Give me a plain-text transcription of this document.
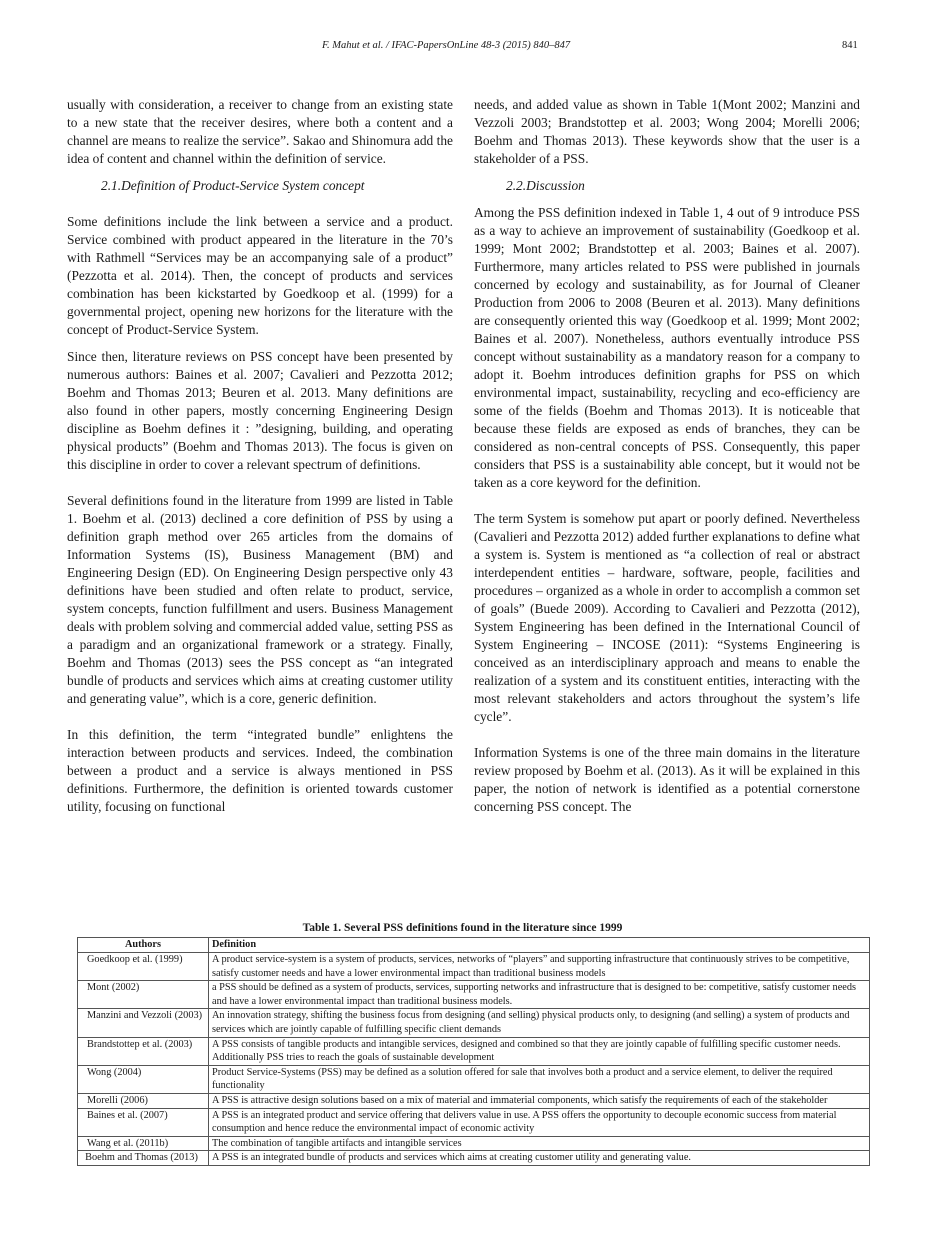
F. Mahut et al. / IFAC-PapersOnLine 48-3 (2015) 840–847	841

usually with consideration, a receiver to change from an existing state to a new state that the receiver desires, where both a content and a channel are means to realize the service”. Sakao and Shinomura add the idea of content and channel within the definition of service.

2.1.Definition of Product-Service System concept

Some definitions include the link between a service and a product. Service combined with product appeared in the literature in the 70’s with Rathmell “Services may be an accompanying sale of a product” (Pezzotta et al. 2014). Then, the concept of products and services combination has been kickstarted by Goedkoop et al. (1999) for a governmental project, opening new horizons for the literature with the concept of Product-Service System.

Since then, literature reviews on PSS concept have been presented by numerous authors: Baines et al. 2007; Cavalieri and Pezzotta 2012; Boehm and Thomas 2013; Beuren et al. 2013. Many definitions are also found in other papers, mostly concerning Engineering Design discipline as Boehm defines it : ”designing, building, and operating physical products” (Boehm and Thomas 2013). The focus is given on this discipline in order to cover a relevant spectrum of definitions.

Several definitions found in the literature from 1999 are listed in Table 1. Boehm et al. (2013) declined a core definition of PSS by using a definition graph method over 265 articles from the domains of Information Systems (IS), Business Management (BM) and Engineering Design (ED). On Engineering Design perspective only 43 definitions have been studied and often relate to product, service, system concepts, function fulfillment and users. Business Management deals with problem solving and commercial added value, setting PSS as a paradigm and an organizational framework or a strategy. Finally, Boehm and Thomas (2013) sees the PSS concept as “an integrated bundle of products and services which aims at creating customer utility and generating value”, which is a core, generic definition.

In this definition, the term “integrated bundle” enlightens the interaction between products and services. Indeed, the combination between a product and a service is always mentioned in PSS definitions. Furthermore, the definition is oriented towards customer utility, focusing on functional

needs, and added value as shown in Table 1(Mont 2002; Manzini and Vezzoli 2003; Brandstottep et al. 2003; Wong 2004; Morelli 2006; Boehm and Thomas 2013). These keywords show that the user is a stakeholder of a PSS.

2.2.Discussion

Among the PSS definition indexed in Table 1, 4 out of 9 introduce PSS as a way to achieve an improvement of sustainability (Goedkoop et al. 1999; Mont 2002; Brandstottep et al. 2003; Baines et al. 2007). Furthermore, many articles related to PSS were published in journals concerned by ecology and sustainability, as for Journal of Cleaner Production from 2006 to 2008 (Beuren et al. 2013). Many definitions are consequently oriented this way (Goedkoop et al. 1999; Mont 2002; Baines et al. 2007). Nonetheless, authors eventually introduce PSS concept without sustainability as a mandatory reason for a company to adopt it. Boehm introduces definition graphs for PSS on which environmental impact, sustainability, recycling and eco-efficiency are some of the fields (Boehm and Thomas 2013). It is noticeable that because these fields are exposed as ends of branches, they can be considered as non-central concepts of PSS. Consequently, this paper considers that PSS is a sustainability able concept, but it would not be taken as a core keyword for the definition.

The term System is somehow put apart or poorly defined. Nevertheless (Cavalieri and Pezzotta 2012) added further explanations to define what a system is. System is mentioned as “a collection of real or abstract interdependent entities – hardware, software, people, facilities and procedures – organized as a whole in order to accomplish a common set of goals” (Buede 2009). According to Cavalieri and Pezzotta (2012), System Engineering has been defined in the International Council of System Engineering – INCOSE (2011): “Systems Engineering is conceived as an interdisciplinary approach and means to enable the realization of a system and its constituent entities, interacting with the most relevant stakeholders and actors throughout the system’s life cycle”.

Information Systems is one of the three main domains in the literature review proposed by Boehm et al. (2013). As it will be explained in this paper, the notion of network is identified as a potential cornerstone concerning PSS concept. The

Table 1. Several PSS definitions found in the literature since 1999
Authors	Definition
Goedkoop et al. (1999)	A product service-system is a system of products, services, networks of “players” and supporting infrastructure that continuously strives to be competitive, satisfy customer needs and have a lower environmental impact than traditional business models
Mont (2002)	a PSS should be defined as a system of products, services, supporting networks and infrastructure that is designed to be: competitive, satisfy customer needs and have a lower environmental impact than traditional business models.
Manzini and Vezzoli (2003)	An innovation strategy, shifting the business focus from designing (and selling) physical products only, to designing (and selling) a system of products and services which are jointly capable of fulfilling specific client demands
Brandstottep et al. (2003)	A PSS consists of tangible products and intangible services, designed and combined so that they are jointly capable of fulfilling specific customer needs. Additionally PSS tries to reach the goals of sustainable development
Wong (2004)	Product Service-Systems (PSS) may be defined as a solution offered for sale that involves both a product and a service element, to deliver the required functionality
Morelli (2006)	A PSS is attractive design solutions based on a mix of material and immaterial components, which satisfy the requirements of each of the stakeholder
Baines et al. (2007)	A PSS is an integrated product and service offering that delivers value in use. A PSS offers the opportunity to decouple economic success from material consumption and hence reduce the environmental impact of economic activity
Wang et al. (2011b)	The combination of tangible artifacts and intangible services
Boehm and Thomas (2013)	A PSS is an integrated bundle of products and services which aims at creating customer utility and generating value.
